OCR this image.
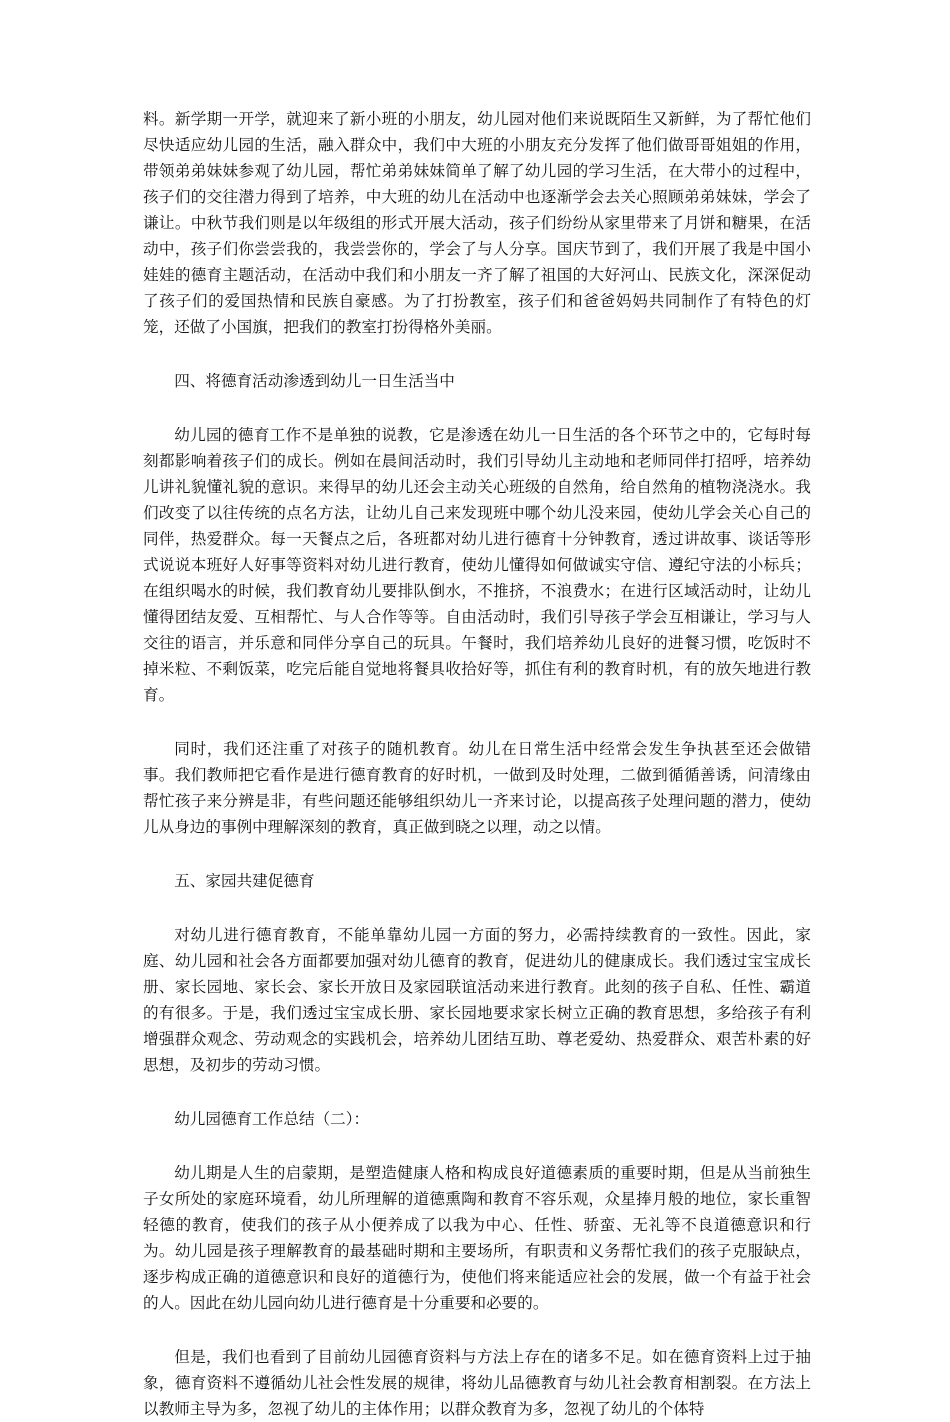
料。新学期一开学，就迎来了新小班的小朋友，幼儿园对他们来说既陌生又新鲜，为了帮忙他们尽快适应幼儿园的生活，融入群众中，我们中大班的小朋友充分发挥了他们做哥哥姐姐的作用，带领弟弟妹妹参观了幼儿园，帮忙弟弟妹妹简单了解了幼儿园的学习生活，在大带小的过程中，孩子们的交往潜力得到了培养，中大班的幼儿在活动中也逐渐学会去关心照顾弟弟妹妹，学会了谦让。中秋节我们则是以年级组的形式开展大活动，孩子们纷纷从家里带来了月饼和糖果，在活动中，孩子们你尝尝我的，我尝尝你的，学会了与人分享。国庆节到了，我们开展了我是中国小娃娃的德育主题活动，在活动中我们和小朋友一齐了解了祖国的大好河山、民族文化，深深促动了孩子们的爱国热情和民族自豪感。为了打扮教室，孩子们和爸爸妈妈共同制作了有特色的灯笼，还做了小国旗，把我们的教室打扮得格外美丽。

四、将德育活动渗透到幼儿一日生活当中

幼儿园的德育工作不是单独的说教，它是渗透在幼儿一日生活的各个环节之中的，它每时每刻都影响着孩子们的成长。例如在晨间活动时，我们引导幼儿主动地和老师同伴打招呼，培养幼儿讲礼貌懂礼貌的意识。来得早的幼儿还会主动关心班级的自然角，给自然角的植物浇浇水。我们改变了以往传统的点名方法，让幼儿自己来发现班中哪个幼儿没来园，使幼儿学会关心自己的同伴，热爱群众。每一天餐点之后，各班都对幼儿进行德育十分钟教育，透过讲故事、谈话等形式说说本班好人好事等资料对幼儿进行教育，使幼儿懂得如何做诚实守信、遵纪守法的小标兵；在组织喝水的时候，我们教育幼儿要排队倒水，不推挤，不浪费水；在进行区域活动时，让幼儿懂得团结友爱、互相帮忙、与人合作等等。自由活动时，我们引导孩子学会互相谦让，学习与人交往的语言，并乐意和同伴分享自己的玩具。午餐时，我们培养幼儿良好的进餐习惯，吃饭时不掉米粒、不剩饭菜，吃完后能自觉地将餐具收拾好等，抓住有利的教育时机，有的放矢地进行教育。

同时，我们还注重了对孩子的随机教育。幼儿在日常生活中经常会发生争执甚至还会做错事。我们教师把它看作是进行德育教育的好时机，一做到及时处理，二做到循循善诱，问清缘由帮忙孩子来分辨是非，有些问题还能够组织幼儿一齐来讨论，以提高孩子处理问题的潜力，使幼儿从身边的事例中理解深刻的教育，真正做到晓之以理，动之以情。

五、家园共建促德育

对幼儿进行德育教育，不能单靠幼儿园一方面的努力，必需持续教育的一致性。因此，家庭、幼儿园和社会各方面都要加强对幼儿德育的教育，促进幼儿的健康成长。我们透过宝宝成长册、家长园地、家长会、家长开放日及家园联谊活动来进行教育。此刻的孩子自私、任性、霸道的有很多。于是，我们透过宝宝成长册、家长园地要求家长树立正确的教育思想，多给孩子有利增强群众观念、劳动观念的实践机会，培养幼儿团结互助、尊老爱幼、热爱群众、艰苦朴素的好思想，及初步的劳动习惯。

幼儿园德育工作总结（二）：

幼儿期是人生的启蒙期，是塑造健康人格和构成良好道德素质的重要时期，但是从当前独生子女所处的家庭环境看，幼儿所理解的道德熏陶和教育不容乐观，众星捧月般的地位，家长重智轻德的教育，使我们的孩子从小便养成了以我为中心、任性、骄蛮、无礼等不良道德意识和行为。幼儿园是孩子理解教育的最基础时期和主要场所，有职责和义务帮忙我们的孩子克服缺点，逐步构成正确的道德意识和良好的道德行为，使他们将来能适应社会的发展，做一个有益于社会的人。因此在幼儿园向幼儿进行德育是十分重要和必要的。

但是，我们也看到了目前幼儿园德育资料与方法上存在的诸多不足。如在德育资料上过于抽象，德育资料不遵循幼儿社会性发展的规律，将幼儿品德教育与幼儿社会教育相割裂。在方法上以教师主导为多，忽视了幼儿的主体作用；以群众教育为多，忽视了幼儿的个体特
